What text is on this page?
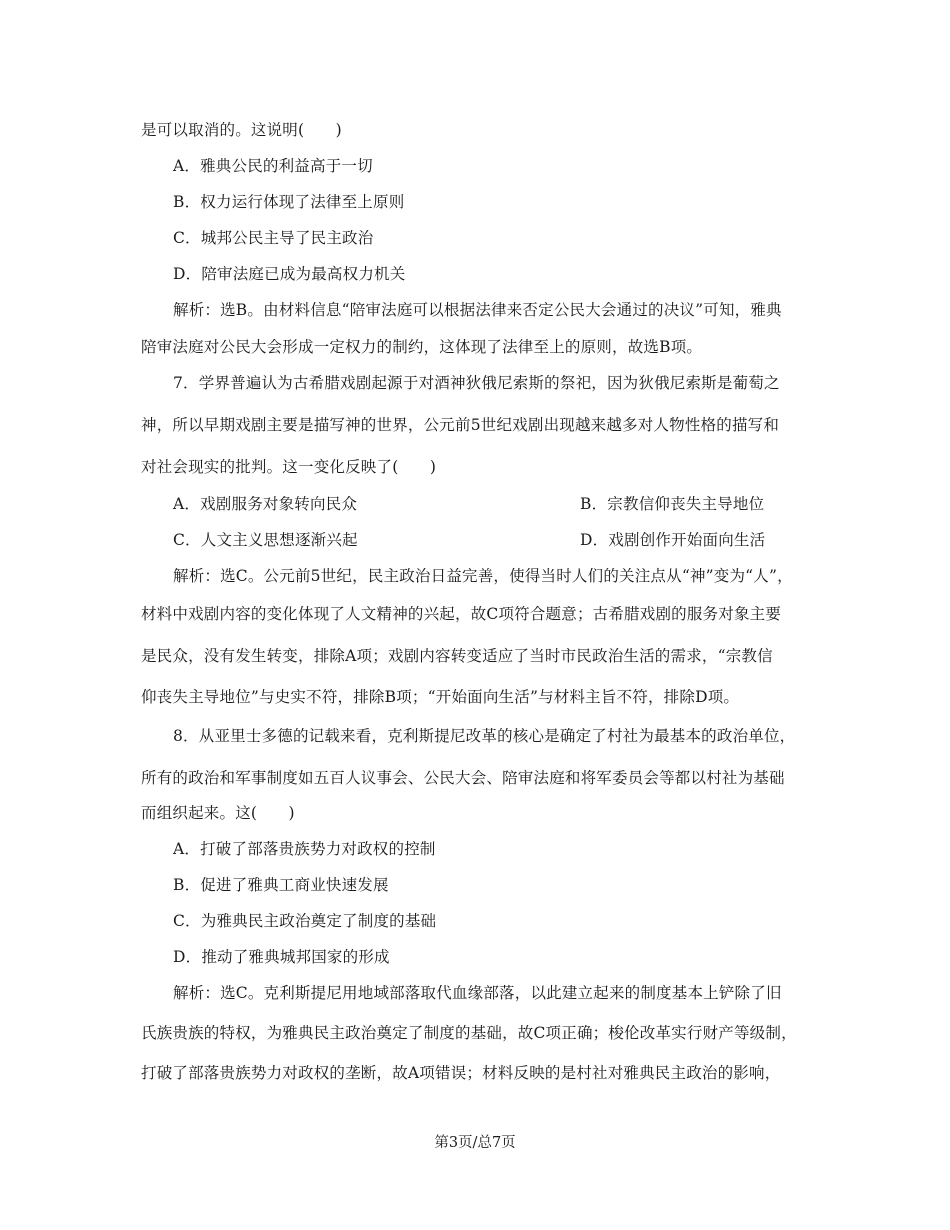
是可以取消的。这说明(　　)
A．雅典公民的利益高于一切
B．权力运行体现了法律至上原则
C．城邦公民主导了民主政治
D．陪审法庭已成为最高权力机关
解析：选B。由材料信息“陪审法庭可以根据法律来否定公民大会通过的决议”可知，雅典
陪审法庭对公民大会形成一定权力的制约，这体现了法律至上的原则，故选B项。
7．学界普遍认为古希腊戏剧起源于对酒神狄俄尼索斯的祭祀，因为狄俄尼索斯是葡萄之
神，所以早期戏剧主要是描写神的世界，公元前5世纪戏剧出现越来越多对人物性格的描写和
对社会现实的批判。这一变化反映了(　　)
A．戏剧服务对象转向民众	B．宗教信仰丧失主导地位
C．人文主义思想逐渐兴起	D．戏剧创作开始面向生活
解析：选C。公元前5世纪，民主政治日益完善，使得当时人们的关注点从“神”变为“人”，
材料中戏剧内容的变化体现了人文精神的兴起，故C项符合题意；古希腊戏剧的服务对象主要
是民众，没有发生转变，排除A项；戏剧内容转变适应了当时市民政治生活的需求，“宗教信
仰丧失主导地位”与史实不符，排除B项；“开始面向生活”与材料主旨不符，排除D项。
8．从亚里士多德的记载来看，克利斯提尼改革的核心是确定了村社为最基本的政治单位，
所有的政治和军事制度如五百人议事会、公民大会、陪审法庭和将军委员会等都以村社为基础
而组织起来。这(　　)
A．打破了部落贵族势力对政权的控制
B．促进了雅典工商业快速发展
C．为雅典民主政治奠定了制度的基础
D．推动了雅典城邦国家的形成
解析：选C。克利斯提尼用地域部落取代血缘部落，以此建立起来的制度基本上铲除了旧
氏族贵族的特权，为雅典民主政治奠定了制度的基础，故C项正确；梭伦改革实行财产等级制，
打破了部落贵族势力对政权的垄断，故A项错误；材料反映的是村社对雅典民主政治的影响，
第3页/总7页
